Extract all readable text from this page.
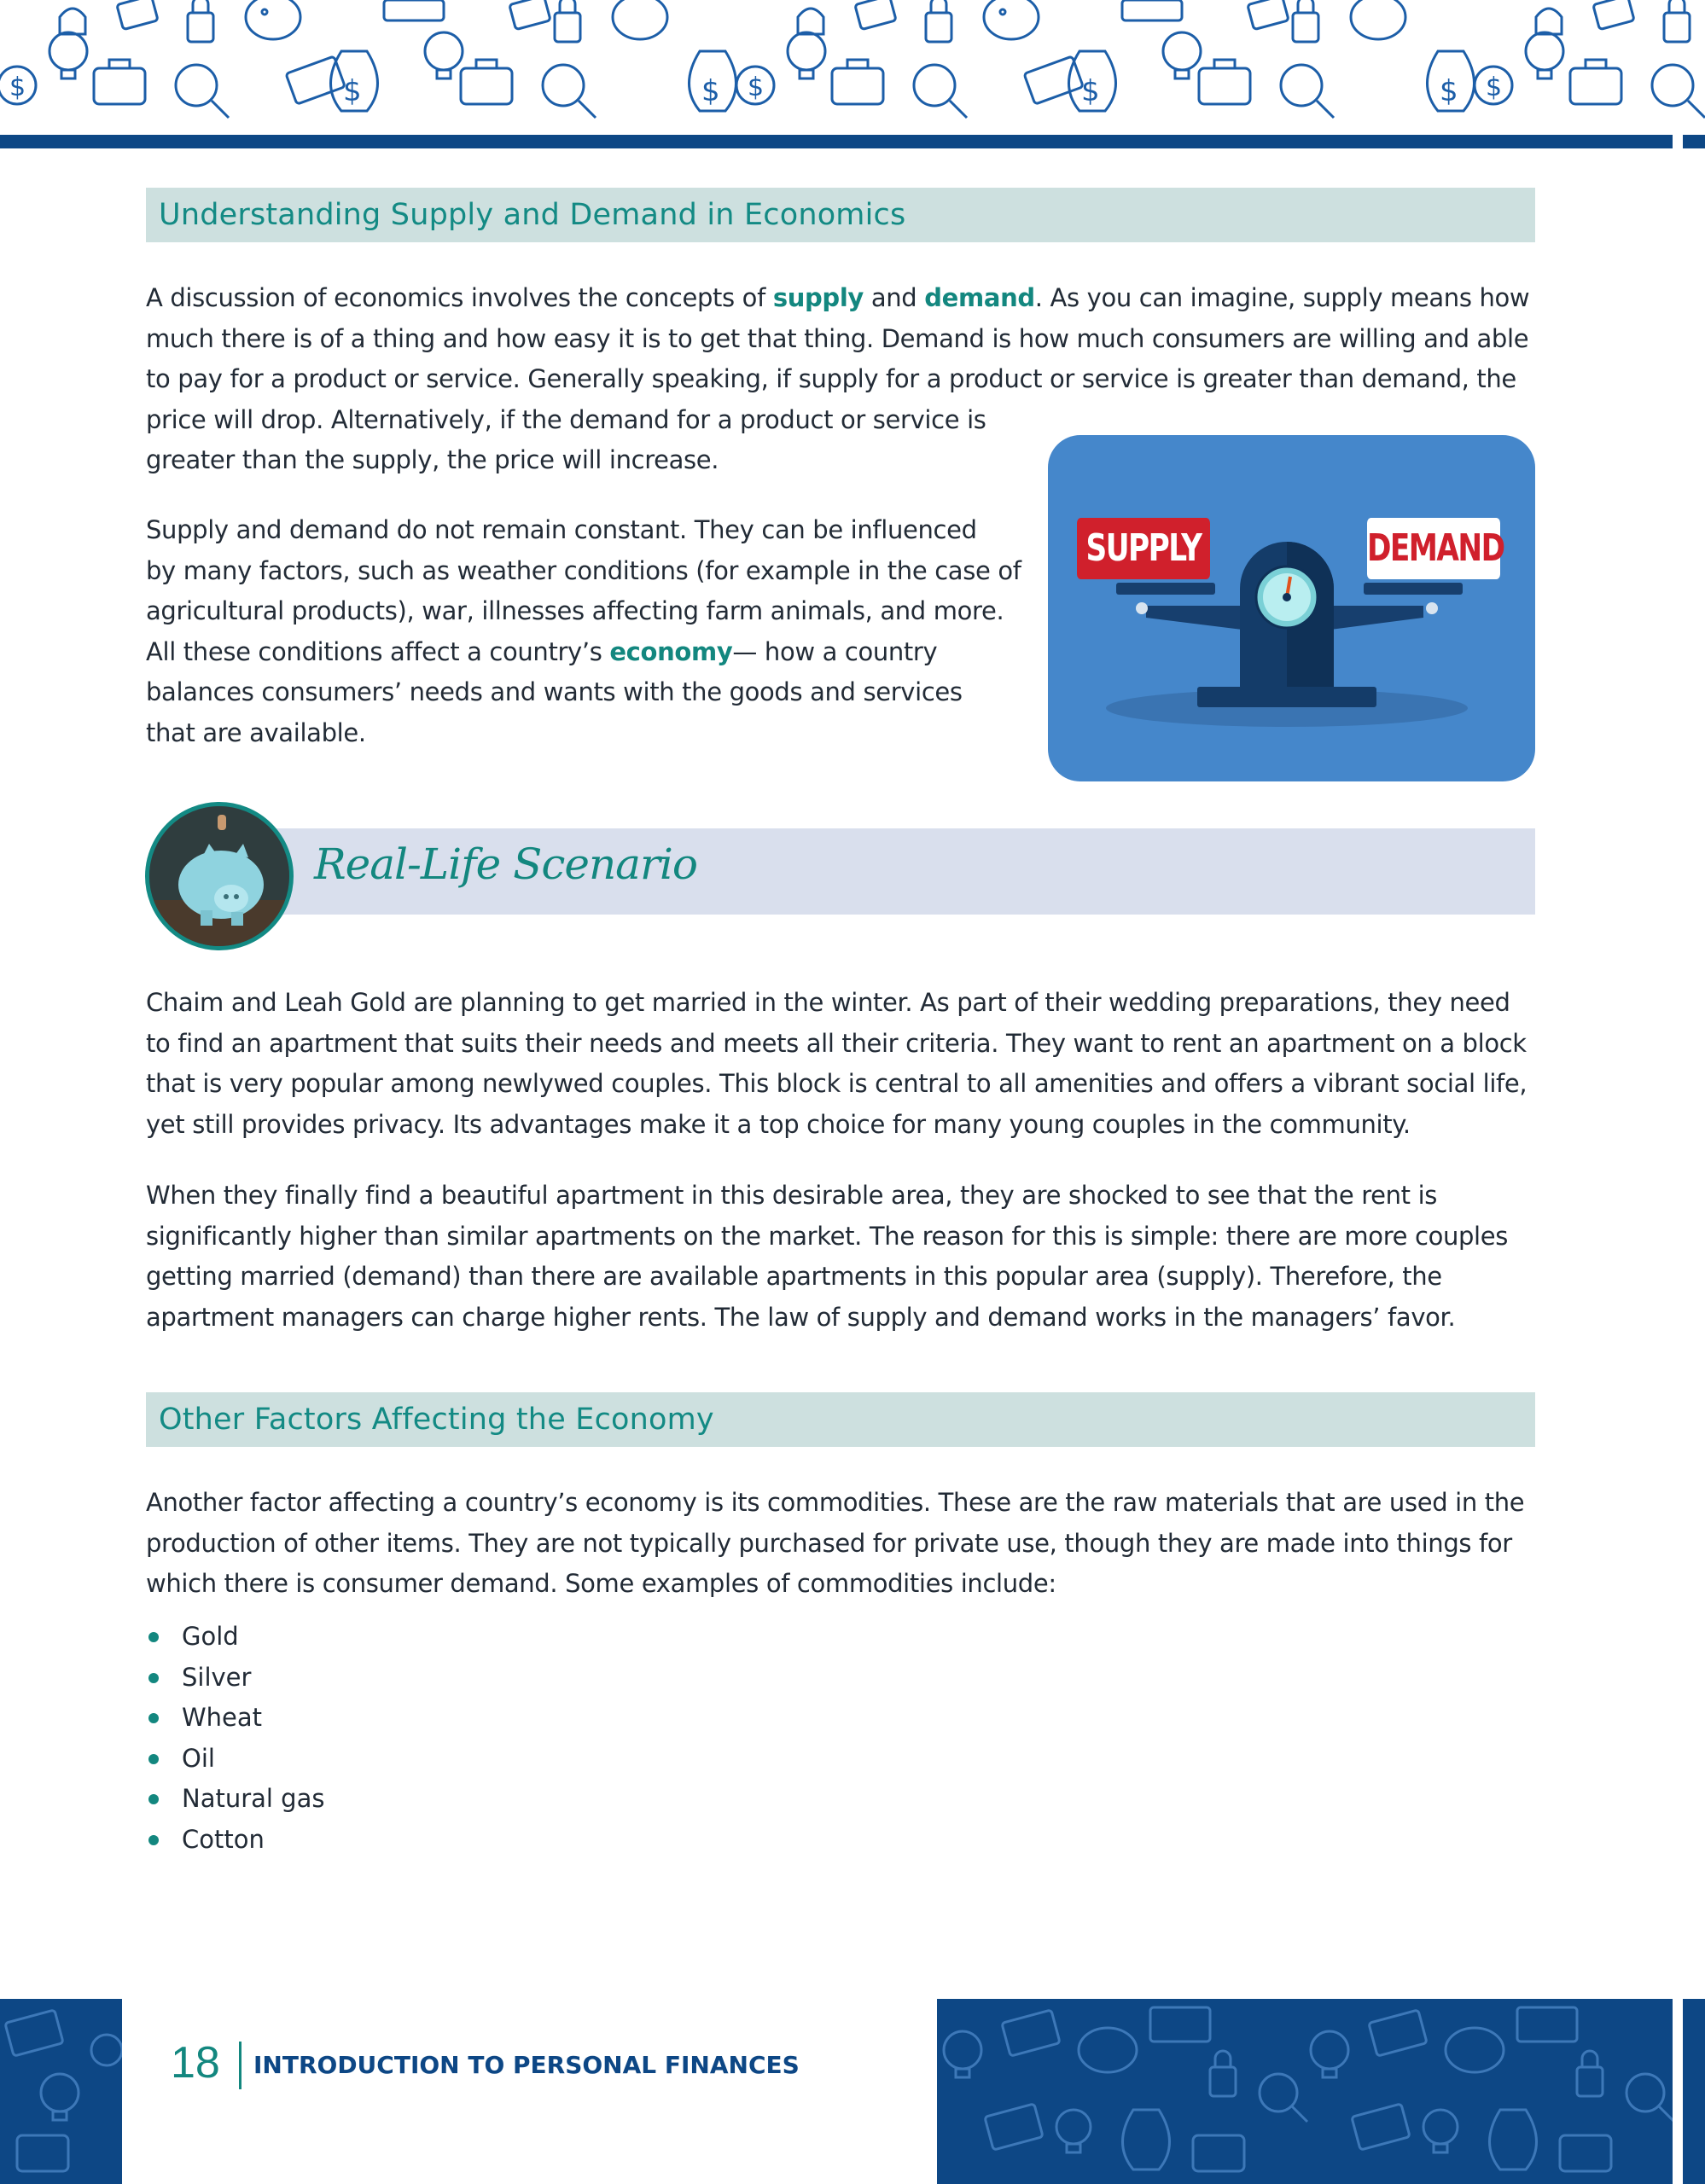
$	$	$
Understanding Supply and Demand in Economics
A discussion of economics involves the concepts of supply and demand. As you can imagine, supply means how
much there is of a thing and how easy it is to get that thing. Demand is how much consumers are willing and able
to pay for a product or service. Generally speaking, if supply for a product or service is greater than demand, the
price will drop. Alternatively, if the demand for a product or service is
greater than the supply, the price will increase.
Supply and demand do not remain constant. They can be influenced
by many factors, such as weather conditions (for example in the case of
agricultural products), war, illnesses affecting farm animals, and more.
All these conditions affect a country’s economy— how a country
balances consumers’ needs and wants with the goods and services
that are available.
SUPPLY	DEMAND
Real-Life Scenario
Chaim and Leah Gold are planning to get married in the winter. As part of their wedding preparations, they need
to find an apartment that suits their needs and meets all their criteria. They want to rent an apartment on a block
that is very popular among newlywed couples. This block is central to all amenities and offers a vibrant social life,
yet still provides privacy. Its advantages make it a top choice for many young couples in the community.
When they finally find a beautiful apartment in this desirable area, they are shocked to see that the rent is
significantly higher than similar apartments on the market. The reason for this is simple: there are more couples
getting married (demand) than there are available apartments in this popular area (supply). Therefore, the
apartment managers can charge higher rents. The law of supply and demand works in the managers’ favor.
Other Factors Affecting the Economy
Another factor affecting a country’s economy is its commodities. These are the raw materials that are used in the
production of other items. They are not typically purchased for private use, though they are made into things for
which there is consumer demand. Some examples of commodities include:
Gold
Silver
Wheat
Oil
Natural gas
Cotton
18 INTRODUCTION TO PERSONAL FINANCES
